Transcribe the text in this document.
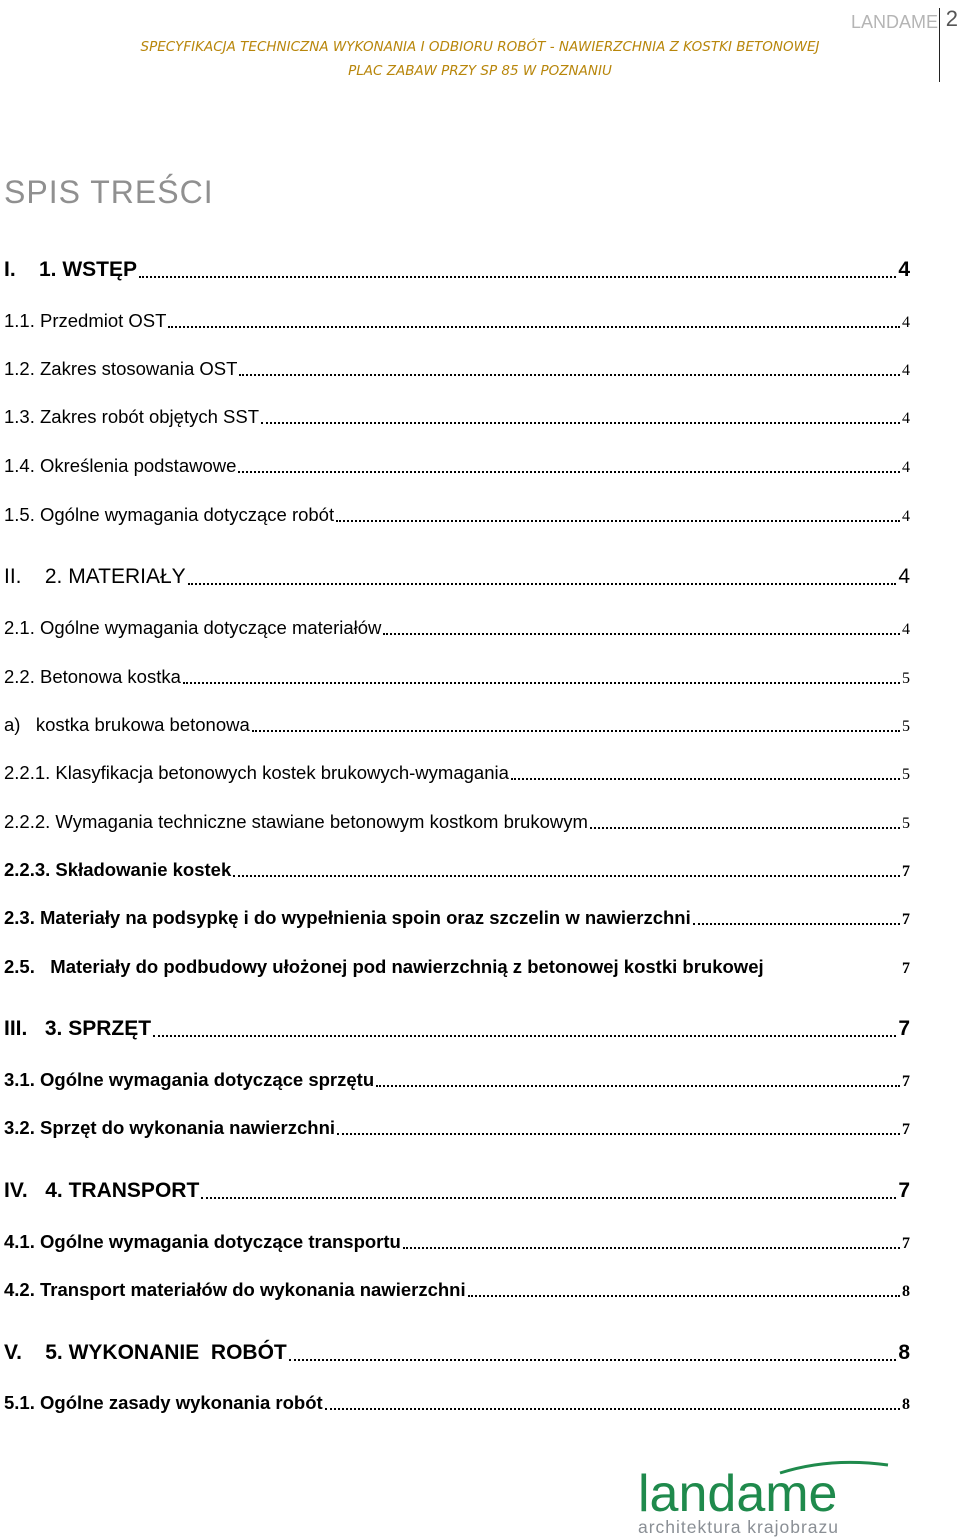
LANDAME 2
SPECYFIKACJA TECHNICZNA WYKONANIA I ODBIORU ROBÓT - NAWIERZCHNIA Z KOSTKI BETONOWEJ
PLAC ZABAW PRZY SP 85 W POZNANIU
SPIS TREŚCI
I.    1. WSTĘP	4
1.1. Przedmiot OST	4
1.2. Zakres stosowania OST	4
1.3. Zakres robót objętych SST	4
1.4. Określenia podstawowe	4
1.5. Ogólne wymagania dotyczące robót	4
II.    2. MATERIAŁY	4
2.1. Ogólne wymagania dotyczące materiałów	4
2.2. Betonowa kostka	5
a)   kostka brukowa betonowa	5
2.2.1. Klasyfikacja betonowych kostek brukowych-wymagania	5
2.2.2. Wymagania techniczne stawiane betonowym kostkom brukowym	5
2.2.3. Składowanie kostek	7
2.3. Materiały na podsypkę i do wypełnienia spoin oraz szczelin w nawierzchni	7
2.5.   Materiały do podbudowy ułożonej pod nawierzchnią z betonowej kostki brukowej	7
III.   3. SPRZĘT	7
3.1. Ogólne wymagania dotyczące sprzętu	7
3.2. Sprzęt do wykonania nawierzchni	7
IV.   4. TRANSPORT	7
4.1. Ogólne wymagania dotyczące transportu	7
4.2. Transport materiałów do wykonania nawierzchni	8
V.    5. WYKONANIE  ROBÓT	8
5.1. Ogólne zasady wykonania robót	8
landame
architektura krajobrazu
